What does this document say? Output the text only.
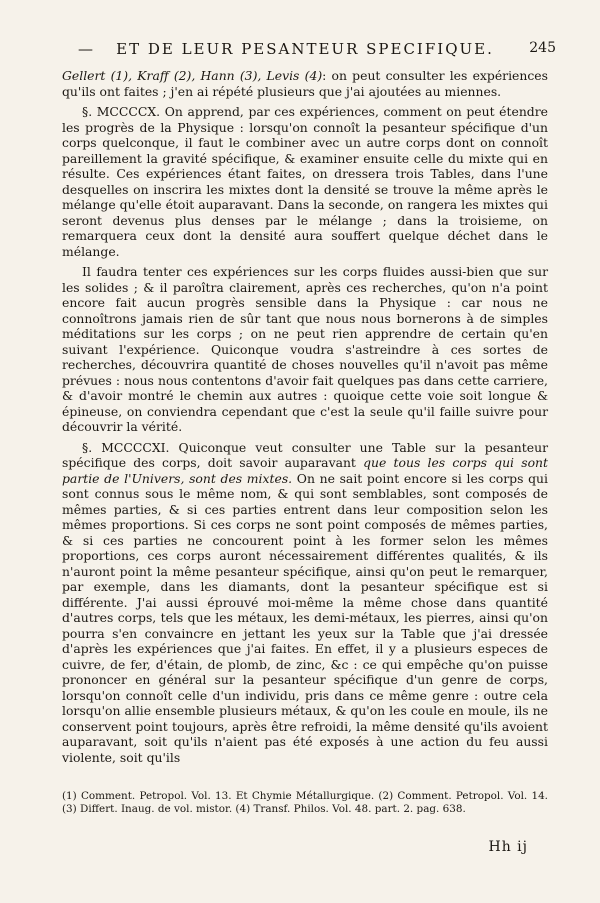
— ET DE LEUR PESANTEUR SPECIFIQUE.	245

Gellert (1), Kraff (2), Hann (3), Levis (4): on peut consulter les expériences qu'ils ont faites ; j'en ai répété plusieurs que j'ai ajoutées au miennes.

§. MCCCCX. On apprend, par ces expériences, comment on peut étendre les progrès de la Physique : lorsqu'on connoît la pesanteur spécifique d'un corps quelconque, il faut le combiner avec un autre corps dont on connoît pareillement la gravité spécifique, & examiner ensuite celle du mixte qui en résulte. Ces expériences étant faites, on dressera trois Tables, dans l'une desquelles on inscrira les mixtes dont la densité se trouve la même après le mélange qu'elle étoit auparavant. Dans la seconde, on rangera les mixtes qui seront devenus plus denses par le mélange ; dans la troisieme, on remarquera ceux dont la densité aura souffert quelque déchet dans le mélange.

Il faudra tenter ces expériences sur les corps fluides aussi-bien que sur les solides ; & il paroîtra clairement, après ces recherches, qu'on n'a point encore fait aucun progrès sensible dans la Physique : car nous ne connoîtrons jamais rien de sûr tant que nous nous bornerons à de simples méditations sur les corps ; on ne peut rien apprendre de certain qu'en suivant l'expérience. Quiconque voudra s'astreindre à ces sortes de recherches, découvrira quantité de choses nouvelles qu'il n'avoit pas même prévues : nous nous contentons d'avoir fait quelques pas dans cette carriere, & d'avoir montré le chemin aux autres : quoique cette voie soit longue & épineuse, on conviendra cependant que c'est la seule qu'il faille suivre pour découvrir la vérité.

§. MCCCCXI. Quiconque veut consulter une Table sur la pesanteur spécifique des corps, doit savoir auparavant que tous les corps qui sont partie de l'Univers, sont des mixtes. On ne sait point encore si les corps qui sont connus sous le même nom, & qui sont semblables, sont composés de mêmes parties, & si ces parties entrent dans leur composition selon les mêmes proportions. Si ces corps ne sont point composés de mêmes parties, & si ces parties ne concourent point à les former selon les mêmes proportions, ces corps auront nécessairement différentes qualités, & ils n'auront point la même pesanteur spécifique, ainsi qu'on peut le remarquer, par exemple, dans les diamants, dont la pesanteur spécifique est si différente. J'ai aussi éprouvé moi-même la même chose dans quantité d'autres corps, tels que les métaux, les demi-métaux, les pierres, ainsi qu'on pourra s'en convaincre en jettant les yeux sur la Table que j'ai dressée d'après les expériences que j'ai faites. En effet, il y a plusieurs especes de cuivre, de fer, d'étain, de plomb, de zinc, &c : ce qui empêche qu'on puisse prononcer en général sur la pesanteur spécifique d'un genre de corps, lorsqu'on connoît celle d'un individu, pris dans ce même genre : outre cela lorsqu'on allie ensemble plusieurs métaux, & qu'on les coule en moule, ils ne conservent point toujours, après être refroidi, la même densité qu'ils avoient auparavant, soit qu'ils n'aient pas été exposés à une action du feu aussi violente, soit qu'ils

(1) Comment. Petropol. Vol. 13. Et Chymie Métallurgique. (2) Comment. Petropol. Vol. 14. (3) Differt. Inaug. de vol. mistor. (4) Transf. Philos. Vol. 48. part. 2. pag. 638.

Hh ij
